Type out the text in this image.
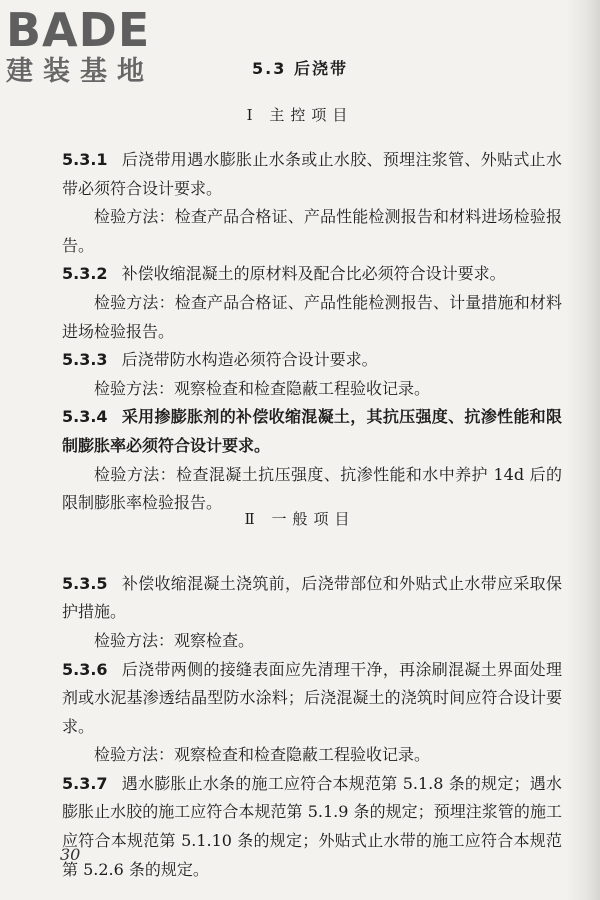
BADE
建装基地	5.3 后浇带
Ⅰ 主控项目

5.3.1 后浇带用遇水膨胀止水条或止水胶、预埋注浆管、外贴式止水带必须符合设计要求。

检验方法：检查产品合格证、产品性能检测报告和材料进场检验报告。

5.3.2 补偿收缩混凝土的原材料及配合比必须符合设计要求。

检验方法：检查产品合格证、产品性能检测报告、计量措施和材料进场检验报告。

5.3.3 后浇带防水构造必须符合设计要求。

检验方法：观察检查和检查隐蔽工程验收记录。

5.3.4 采用掺膨胀剂的补偿收缩混凝土，其抗压强度、抗渗性能和限制膨胀率必须符合设计要求。

检验方法：检查混凝土抗压强度、抗渗性能和水中养护 14d 后的限制膨胀率检验报告。

5.3.5 补偿收缩混凝土浇筑前，后浇带部位和外贴式止水带应采取保护措施。

检验方法：观察检查。

5.3.6 后浇带两侧的接缝表面应先清理干净，再涂刷混凝土界面处理剂或水泥基渗透结晶型防水涂料；后浇混凝土的浇筑时间应符合设计要求。

检验方法：观察检查和检查隐蔽工程验收记录。

5.3.7 遇水膨胀止水条的施工应符合本规范第 5.1.8 条的规定；遇水膨胀止水胶的施工应符合本规范第 5.1.9 条的规定；预埋注浆管的施工应符合本规范第 5.1.10 条的规定；外贴式止水带的施工应符合本规范第 5.2.6 条的规定。

Ⅱ 一般项目
30
